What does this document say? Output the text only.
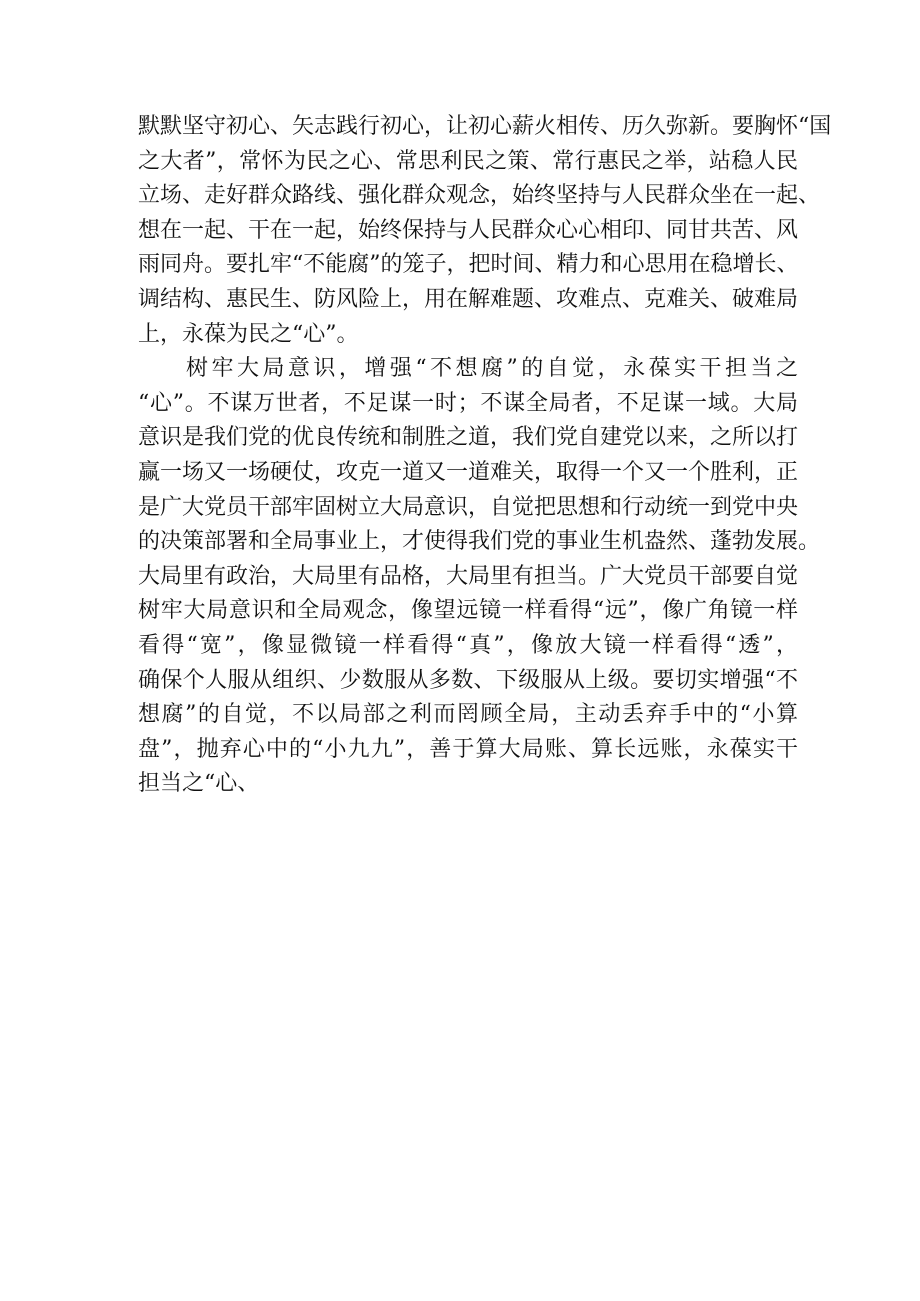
默默坚守初心、矢志践行初心，让初心薪火相传、历久弥新。要胸怀“国
之大者”，常怀为民之心、常思利民之策、常行惠民之举，站稳人民
立场、走好群众路线、强化群众观念，始终坚持与人民群众坐在一起、
想在一起、干在一起，始终保持与人民群众心心相印、同甘共苦、风
雨同舟。要扎牢“不能腐”的笼子，把时间、精力和心思用在稳增长、
调结构、惠民生、防风险上，用在解难题、攻难点、克难关、破难局
上，永葆为民之“心”。
树牢大局意识，增强“不想腐”的自觉，永葆实干担当之
“心”。不谋万世者，不足谋一时；不谋全局者，不足谋一域。大局
意识是我们党的优良传统和制胜之道，我们党自建党以来，之所以打
赢一场又一场硬仗，攻克一道又一道难关，取得一个又一个胜利，正
是广大党员干部牢固树立大局意识，自觉把思想和行动统一到党中央
的决策部署和全局事业上，才使得我们党的事业生机盎然、蓬勃发展。
大局里有政治，大局里有品格，大局里有担当。广大党员干部要自觉
树牢大局意识和全局观念，像望远镜一样看得“远”，像广角镜一样
看得“宽”，像显微镜一样看得“真”，像放大镜一样看得“透”，
确保个人服从组织、少数服从多数、下级服从上级。要切实增强“不
想腐”的自觉，不以局部之利而罔顾全局，主动丢弃手中的“小算
盘”，抛弃心中的“小九九”，善于算大局账、算长远账，永葆实干
担当之“心、
